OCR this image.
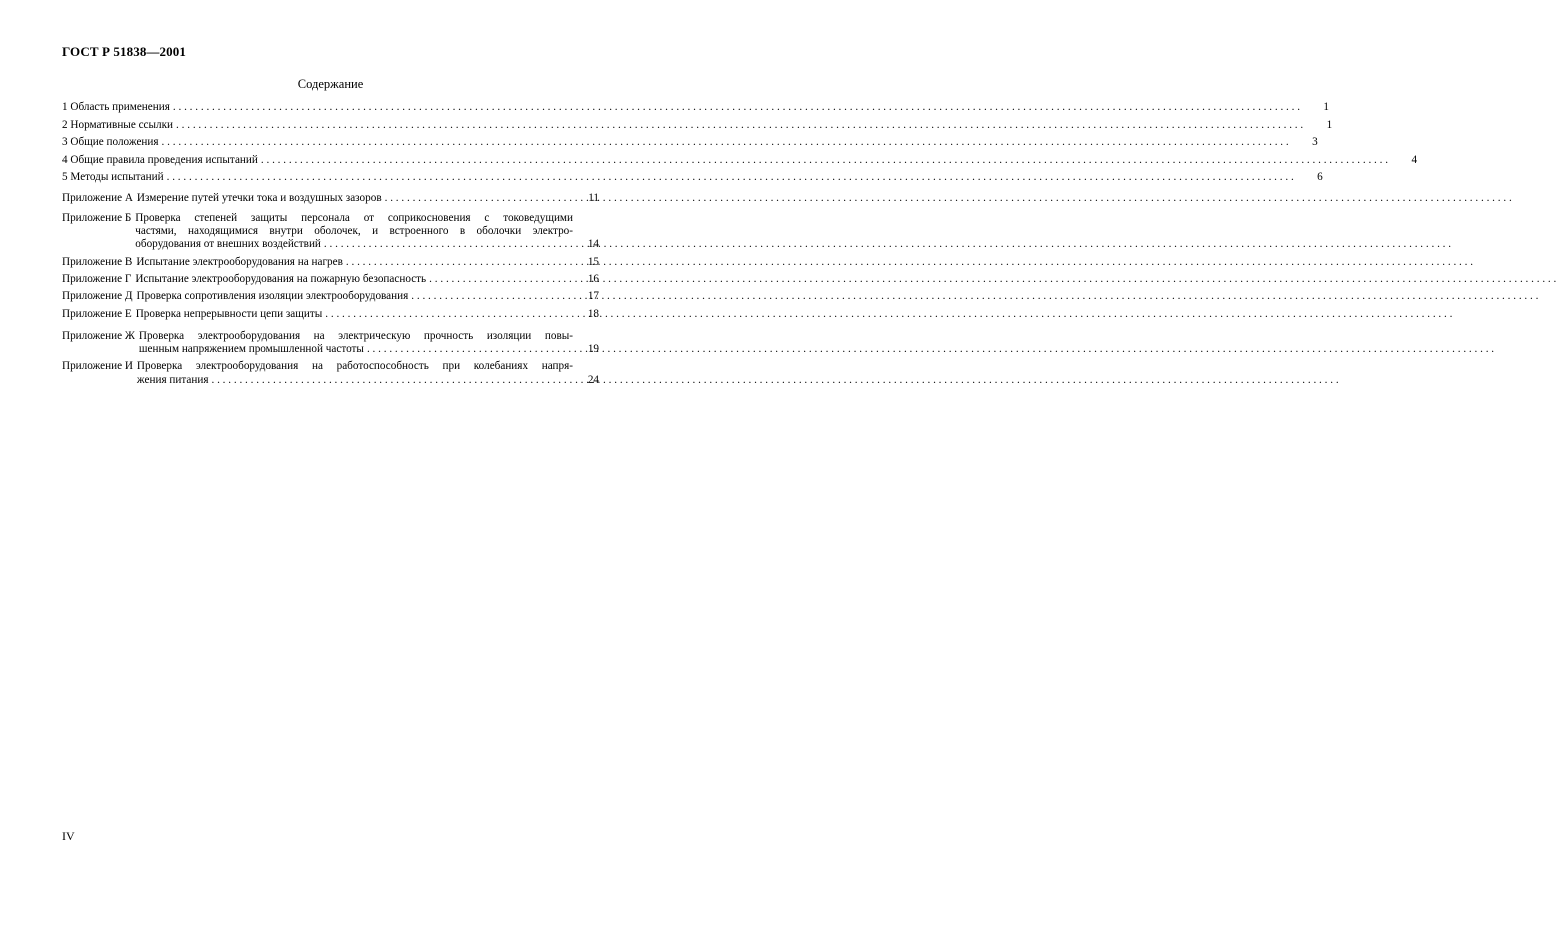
ГОСТ Р 51838—2001
Содержание
1
Область применения . . .	1
2
Нормативные ссылки . . .	1
3
Общие положения . . .	3
4
Общие правила проведения испытаний . . .	4
5
Методы испытаний . . .	6
Приложение А Измерение путей утечки тока и воздушных зазоров . . .	11
Приложение Б Проверка степеней защиты персонала от соприкосновения с токоведущими
частями, находящимися внутри оболочек, и встроенного в оболочки электро-
оборудования от внешних воздействий . . .	14
Приложение В Испытание электрооборудования на нагрев . . .	15
Приложение Г Испытание электрооборудования на пожарную безопасность . . .	16
Приложение Д Проверка сопротивления изоляции электрооборудования . . .	17
Приложение Е Проверка непрерывности цепи защиты . . .	18
Приложение Ж Проверка электрооборудования на электрическую прочность изоляции повы-
шенным напряжением промышленной частоты . . .	19
Приложение И Проверка электрооборудования на работоспособность при колебаниях напря-
жения питания . . .	24
IV
